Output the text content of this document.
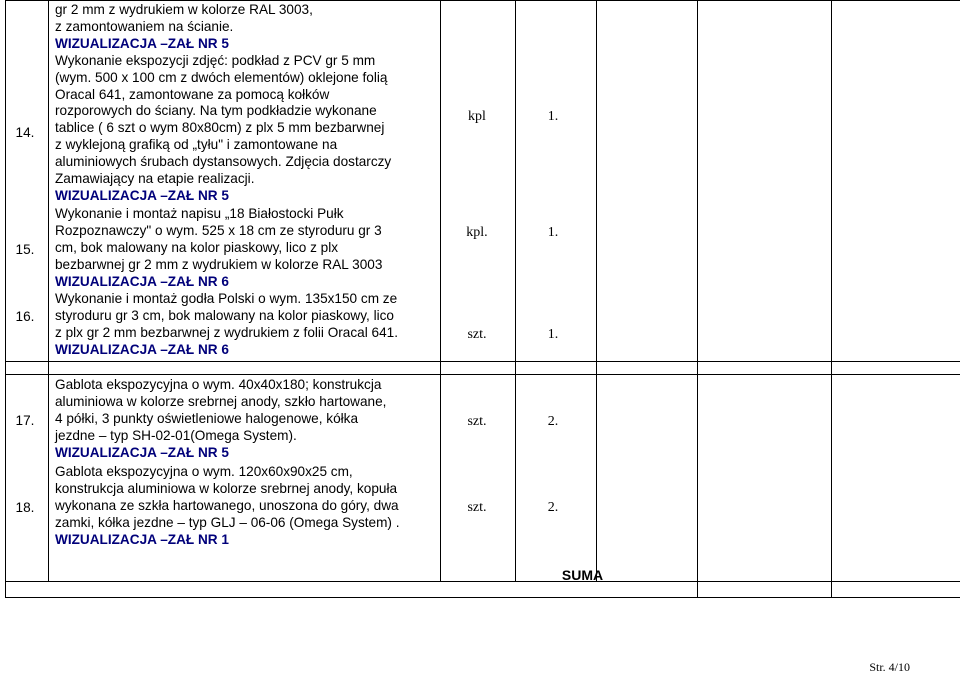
14.
gr 2 mm z wydrukiem w kolorze RAL 3003,
z zamontowaniem na ścianie.
WIZUALIZACJA –ZAŁ NR 5
Wykonanie ekspozycji zdjęć: podkład z PCV gr 5 mm
(wym. 500 x 100 cm z dwóch elementów) oklejone folią
Oracal 641, zamontowane za pomocą kołków
rozporowych do ściany. Na tym podkładzie wykonane
tablice ( 6 szt o wym 80x80cm) z plx 5 mm bezbarwnej
z wyklejoną grafiką od „tyłu" i zamontowane na
aluminiowych śrubach dystansowych. Zdjęcia dostarczy
Zamawiający na etapie realizacji.
WIZUALIZACJA –ZAŁ NR 5
kpl	1.
15.
Wykonanie i montaż napisu „18 Białostocki Pułk
Rozpoznawczy" o wym. 525 x 18 cm ze styroduru gr 3
cm, bok malowany na kolor piaskowy, lico z plx
bezbarwnej gr 2 mm z wydrukiem w kolorze RAL 3003
WIZUALIZACJA –ZAŁ NR 6
kpl.	1.
16.
Wykonanie i montaż godła Polski o wym. 135x150 cm ze
styroduru gr 3 cm, bok malowany na kolor piaskowy, lico
z plx gr 2 mm bezbarwnej z wydrukiem z folii Oracal 641.
WIZUALIZACJA –ZAŁ NR 6
szt.	1.
17.
Gablota ekspozycyjna o wym. 40x40x180; konstrukcja
aluminiowa w kolorze srebrnej anody, szkło hartowane,
4 półki, 3 punkty oświetleniowe halogenowe, kółka
jezdne – typ SH-02-01(Omega System).
WIZUALIZACJA –ZAŁ NR 5
szt.	2.
18.
Gablota ekspozycyjna o wym. 120x60x90x25 cm,
konstrukcja aluminiowa w kolorze srebrnej anody, kopuła
wykonana ze szkła hartowanego, unoszona do góry, dwa
zamki, kółka jezdne – typ GLJ – 06-06 (Omega System) .
WIZUALIZACJA –ZAŁ NR 1
szt.	2.
SUMA
Str. 4/10
